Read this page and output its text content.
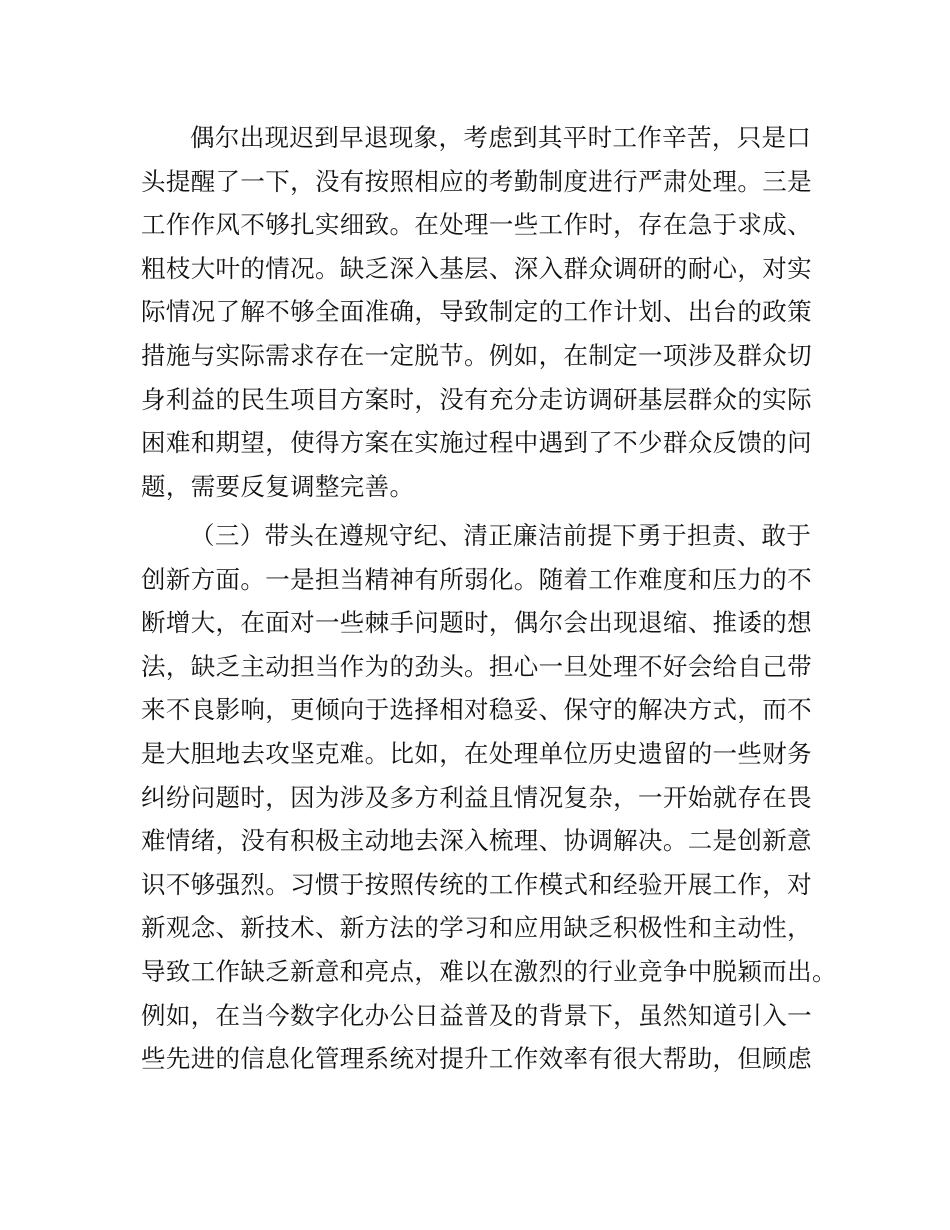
偶尔出现迟到早退现象，考虑到其平时工作辛苦，只是口
头提醒了一下，没有按照相应的考勤制度进行严肃处理。三是
工作作风不够扎实细致。在处理一些工作时，存在急于求成、
粗枝大叶的情况。缺乏深入基层、深入群众调研的耐心，对实
际情况了解不够全面准确，导致制定的工作计划、出台的政策
措施与实际需求存在一定脱节。例如，在制定一项涉及群众切
身利益的民生项目方案时，没有充分走访调研基层群众的实际
困难和期望，使得方案在实施过程中遇到了不少群众反馈的问
题，需要反复调整完善。
（三）带头在遵规守纪、清正廉洁前提下勇于担责、敢于
创新方面。一是担当精神有所弱化。随着工作难度和压力的不
断增大，在面对一些棘手问题时，偶尔会出现退缩、推诿的想
法，缺乏主动担当作为的劲头。担心一旦处理不好会给自己带
来不良影响，更倾向于选择相对稳妥、保守的解决方式，而不
是大胆地去攻坚克难。比如，在处理单位历史遗留的一些财务
纠纷问题时，因为涉及多方利益且情况复杂，一开始就存在畏
难情绪，没有积极主动地去深入梳理、协调解决。二是创新意
识不够强烈。习惯于按照传统的工作模式和经验开展工作，对
新观念、新技术、新方法的学习和应用缺乏积极性和主动性，
导致工作缺乏新意和亮点，难以在激烈的行业竞争中脱颖而出。
例如，在当今数字化办公日益普及的背景下，虽然知道引入一
些先进的信息化管理系统对提升工作效率有很大帮助，但顾虑
